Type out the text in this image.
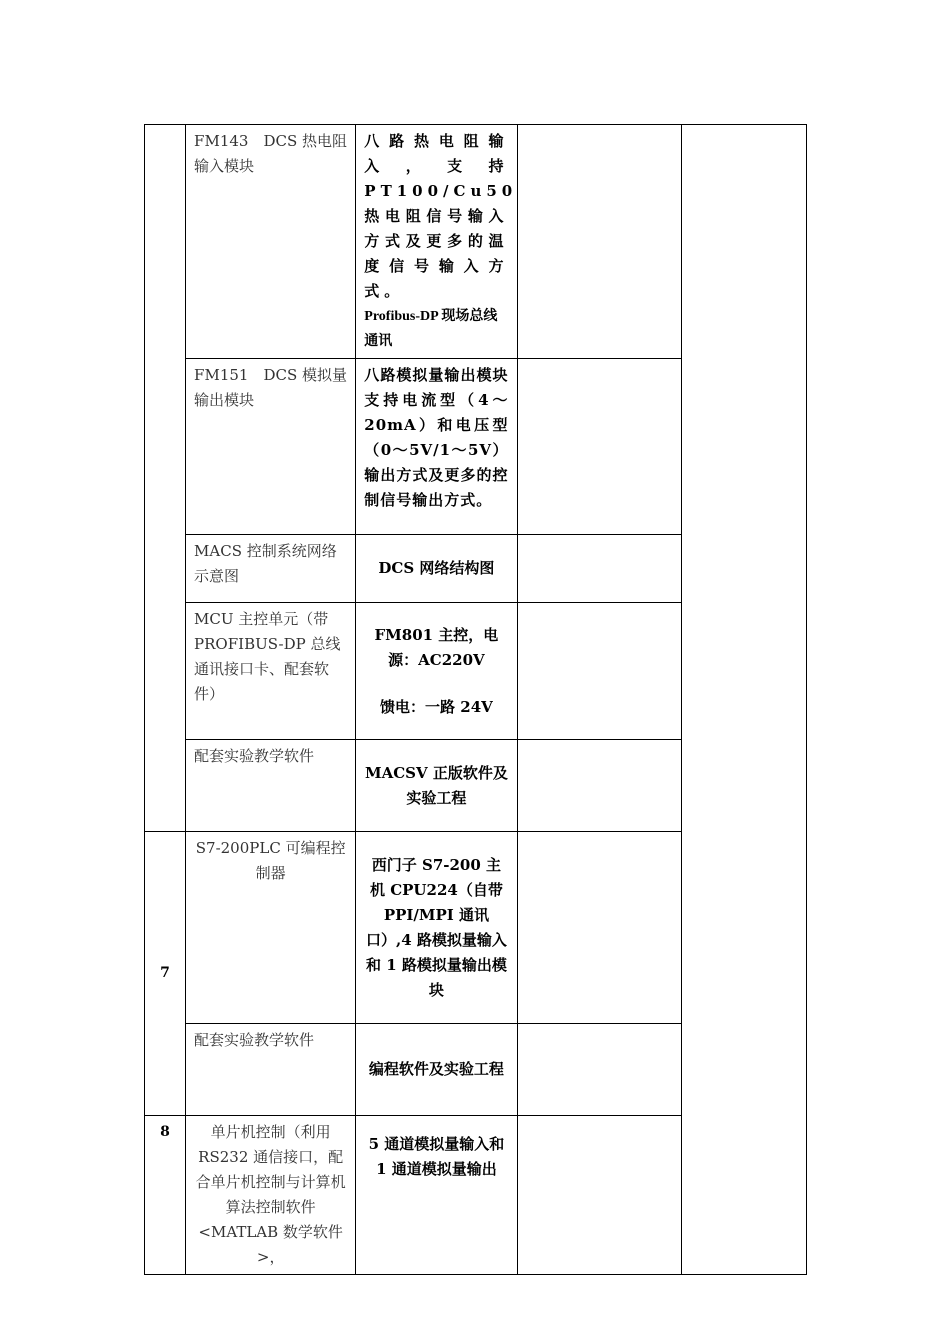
	FM143　DCS 热电阻输入模块	八路热电阻输入，支持PT100/Cu50热电阻信号输入方式及更多的温度信号输入方式。
Profibus-DP 现场总线通讯		

	FM151　DCS 模拟量输出模块	八路模拟量输出模块支持电流型（4～20mA）和电压型（0～5V/1～5V）输出方式及更多的控制信号输出方式。		

	MACS 控制系统网络示意图	DCS 网络结构图		
	MCU 主控单元（带PROFIBUS-DP 总线通讯接口卡、配套软件）	FM801 主控，电源：AC220V
馈电：一路 24V		

	配套实验教学软件	MACSV 正版软件及实验工程		
7	S7-200PLC 可编程控制器	西门子 S7-200 主机 CPU224（自带 PPI/MPI 通讯口）,4 路模拟量输入和 1 路模拟量输出模块		
	配套实验教学软件	编程软件及实验工程		
8	单片机控制（利用RS232 通信接口，配合单片机控制与计算机算法控制软件<MATLAB 数学软件>，	5 通道模拟量输入和 1 通道模拟量输出		
